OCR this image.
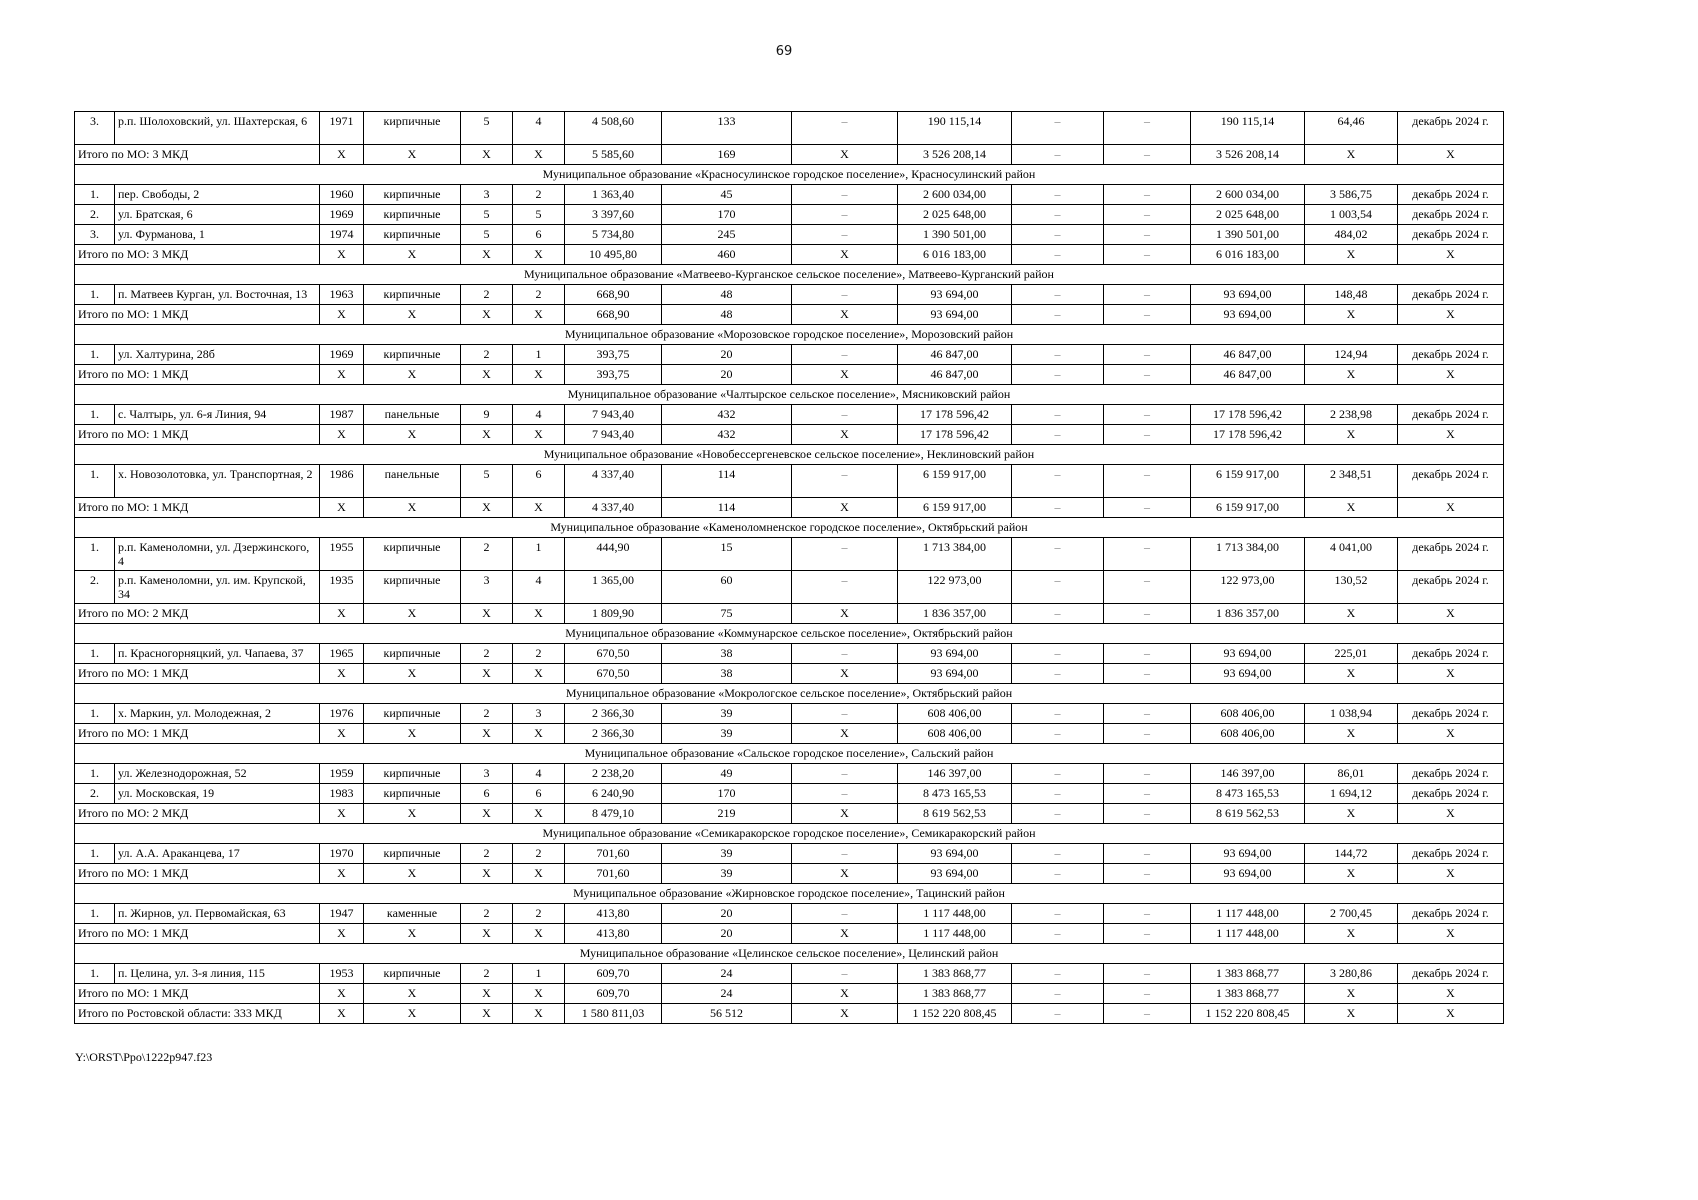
69
3.	р.п. Шолоховский, ул. Шахтерская, 6	1971	кирпичные	5	4	4 508,60	133	–	190 115,14	–	–	190 115,14	64,46	декабрь 2024 г.
Итого по МО: 3 МКД		X	X	X	X	5 585,60	169	X	3 526 208,14	–	–	3 526 208,14	X	X
Муниципальное образование «Красносулинское городское поселение», Красносулинский район														
1.	пер. Свободы, 2	1960	кирпичные	3	2	1 363,40	45	–	2 600 034,00	–	–	2 600 034,00	3 586,75	декабрь 2024 г.
2.	ул. Братская, 6	1969	кирпичные	5	5	3 397,60	170	–	2 025 648,00	–	–	2 025 648,00	1 003,54	декабрь 2024 г.
3.	ул. Фурманова, 1	1974	кирпичные	5	6	5 734,80	245	–	1 390 501,00	–	–	1 390 501,00	484,02	декабрь 2024 г.
Итого по МО: 3 МКД		X	X	X	X	10 495,80	460	X	6 016 183,00	–	–	6 016 183,00	X	X
Муниципальное образование «Матвеево-Курганское сельское поселение», Матвеево-Курганский район														
1.	п. Матвеев Курган, ул. Восточная, 13	1963	кирпичные	2	2	668,90	48	–	93 694,00	–	–	93 694,00	148,48	декабрь 2024 г.
Итого по МО: 1 МКД		X	X	X	X	668,90	48	X	93 694,00	–	–	93 694,00	X	X
Муниципальное образование «Морозовское городское поселение», Морозовский район														
1.	ул. Халтурина, 28б	1969	кирпичные	2	1	393,75	20	–	46 847,00	–	–	46 847,00	124,94	декабрь 2024 г.
Итого по МО: 1 МКД		X	X	X	X	393,75	20	X	46 847,00	–	–	46 847,00	X	X
Муниципальное образование «Чалтырское сельское поселение», Мясниковский район														
1.	с. Чалтырь, ул. 6-я Линия, 94	1987	панельные	9	4	7 943,40	432	–	17 178 596,42	–	–	17 178 596,42	2 238,98	декабрь 2024 г.
Итого по МО: 1 МКД		X	X	X	X	7 943,40	432	X	17 178 596,42	–	–	17 178 596,42	X	X
Муниципальное образование «Новобессергеневское сельское поселение», Неклиновский район														
1.	х. Новозолотовка, ул. Транспортная, 2	1986	панельные	5	6	4 337,40	114	–	6 159 917,00	–	–	6 159 917,00	2 348,51	декабрь 2024 г.
Итого по МО: 1 МКД		X	X	X	X	4 337,40	114	X	6 159 917,00	–	–	6 159 917,00	X	X
Муниципальное образование «Каменоломненское городское поселение», Октябрьский район														
1.	р.п. Каменоломни, ул. Дзержинского, 4	1955	кирпичные	2	1	444,90	15	–	1 713 384,00	–	–	1 713 384,00	4 041,00	декабрь 2024 г.
2.	р.п. Каменоломни, ул. им. Крупской, 34	1935	кирпичные	3	4	1 365,00	60	–	122 973,00	–	–	122 973,00	130,52	декабрь 2024 г.
Итого по МО: 2 МКД		X	X	X	X	1 809,90	75	X	1 836 357,00	–	–	1 836 357,00	X	X
Муниципальное образование «Коммунарское сельское поселение», Октябрьский район														
1.	п. Красногорняцкий, ул. Чапаева, 37	1965	кирпичные	2	2	670,50	38	–	93 694,00	–	–	93 694,00	225,01	декабрь 2024 г.
Итого по МО: 1 МКД		X	X	X	X	670,50	38	X	93 694,00	–	–	93 694,00	X	X
Муниципальное образование «Мокрологское сельское поселение», Октябрьский район														
1.	х. Маркин, ул. Молодежная, 2	1976	кирпичные	2	3	2 366,30	39	–	608 406,00	–	–	608 406,00	1 038,94	декабрь 2024 г.
Итого по МО: 1 МКД		X	X	X	X	2 366,30	39	X	608 406,00	–	–	608 406,00	X	X
Муниципальное образование «Сальское городское поселение», Сальский район														
1.	ул. Железнодорожная, 52	1959	кирпичные	3	4	2 238,20	49	–	146 397,00	–	–	146 397,00	86,01	декабрь 2024 г.
2.	ул. Московская, 19	1983	кирпичные	6	6	6 240,90	170	–	8 473 165,53	–	–	8 473 165,53	1 694,12	декабрь 2024 г.
Итого по МО: 2 МКД		X	X	X	X	8 479,10	219	X	8 619 562,53	–	–	8 619 562,53	X	X
Муниципальное образование «Семикаракорское городское поселение», Семикаракорский район														
1.	ул. А.А. Араканцева, 17	1970	кирпичные	2	2	701,60	39	–	93 694,00	–	–	93 694,00	144,72	декабрь 2024 г.
Итого по МО: 1 МКД		X	X	X	X	701,60	39	X	93 694,00	–	–	93 694,00	X	X
Муниципальное образование «Жирновское городское поселение», Тацинский район														
1.	п. Жирнов, ул. Первомайская, 63	1947	каменные	2	2	413,80	20	–	1 117 448,00	–	–	1 117 448,00	2 700,45	декабрь 2024 г.
Итого по МО: 1 МКД		X	X	X	X	413,80	20	X	1 117 448,00	–	–	1 117 448,00	X	X
Муниципальное образование «Целинское сельское поселение», Целинский район														
1.	п. Целина, ул. 3-я линия, 115	1953	кирпичные	2	1	609,70	24	–	1 383 868,77	–	–	1 383 868,77	3 280,86	декабрь 2024 г.
Итого по МО: 1 МКД		X	X	X	X	609,70	24	X	1 383 868,77	–	–	1 383 868,77	X	X
Итого по Ростовской области: 333 МКД		X	X	X	X	1 580 811,03	56 512	X	1 152 220 808,45	–	–	1 152 220 808,45	X	X
Y:\ORST\Ppo\1222p947.f23
